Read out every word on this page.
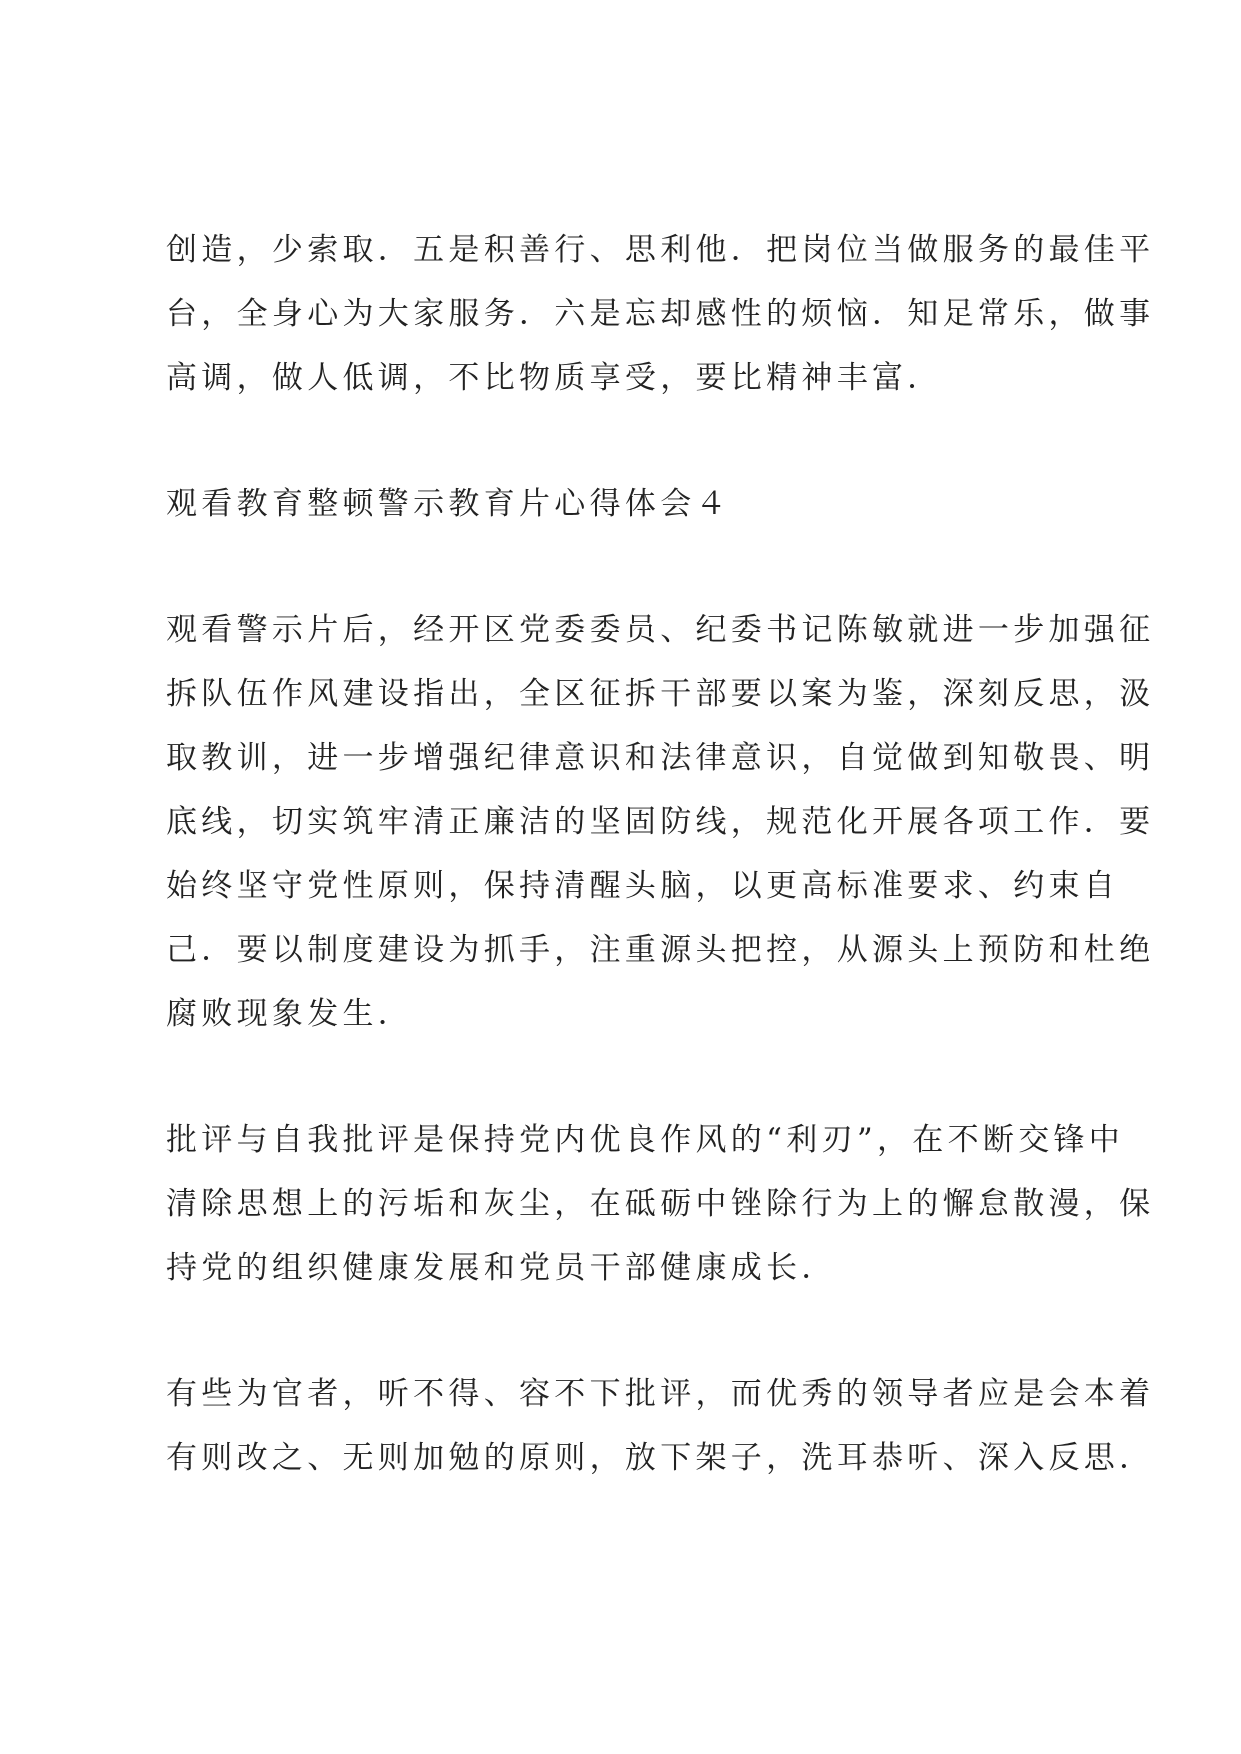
创造，少索取．五是积善行、思利他．把岗位当做服务的最佳平
台，全身心为大家服务．六是忘却感性的烦恼．知足常乐，做事
高调，做人低调，不比物质享受，要比精神丰富．
观看教育整顿警示教育片心得体会４
观看警示片后，经开区党委委员、纪委书记陈敏就进一步加强征
拆队伍作风建设指出，全区征拆干部要以案为鉴，深刻反思，汲
取教训，进一步增强纪律意识和法律意识，自觉做到知敬畏、明
底线，切实筑牢清正廉洁的坚固防线，规范化开展各项工作．要
始终坚守党性原则，保持清醒头脑，以更高标准要求、约束自
己．要以制度建设为抓手，注重源头把控，从源头上预防和杜绝
腐败现象发生．
批评与自我批评是保持党内优良作风的“利刃”，在不断交锋中
清除思想上的污垢和灰尘，在砥砺中锉除行为上的懈怠散漫，保
持党的组织健康发展和党员干部健康成长．
有些为官者，听不得、容不下批评，而优秀的领导者应是会本着
有则改之、无则加勉的原则，放下架子，洗耳恭听、深入反思．
